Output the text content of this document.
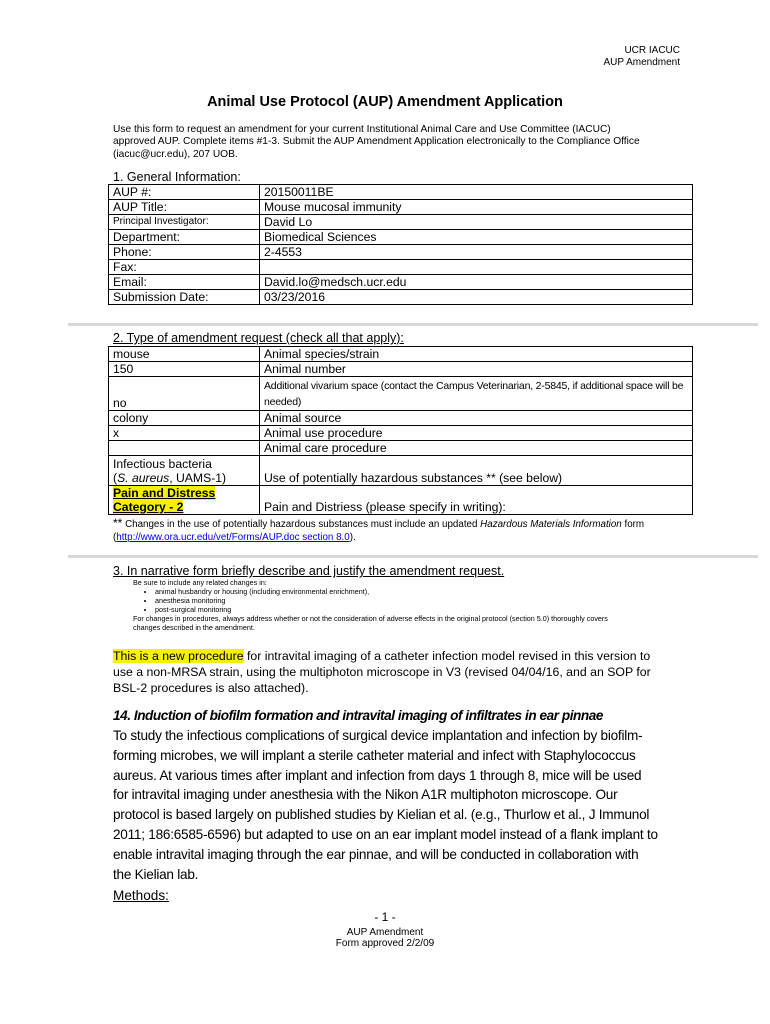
UCR IACUC
AUP Amendment
Animal Use Protocol (AUP) Amendment Application
Use this form to request an amendment for your current Institutional Animal Care and Use Committee (IACUC) approved AUP. Complete items #1-3. Submit the AUP Amendment Application electronically to the Compliance Office (iacuc@ucr.edu), 207 UOB.
1. General Information:
AUP #:	20150011BE
AUP Title:	Mouse mucosal immunity
Principal Investigator:	David Lo
Department:	Biomedical Sciences
Phone:	2-4553
Fax:	
Email:	David.lo@medsch.ucr.edu
Submission Date:	03/23/2016
2. Type of amendment request (check all that apply):
mouse	Animal species/strain
150	Animal number
no	Additional vivarium space (contact the Campus Veterinarian, 2-5845, if additional space will be needed)
colony	Animal source
x	Animal use procedure
	Animal care procedure

Infectious bacteria
(S. aureus, UAMS-1)	Use of potentially hazardous substances ** (see below)

Pain and Distress
Category - 2	Pain and Distriess (please specify in writing):
** Changes in the use of potentially hazardous substances must include an updated Hazardous Materials Information form (http://www.ora.ucr.edu/vet/Forms/AUP.doc section 8.0).
3. In narrative form briefly describe and justify the amendment request.
Be sure to include any related changes in:
• animal husbandry or housing (including environmental enrichment),
• anesthesia monitoring
• post-surgical monitoring
For changes in procedures, always address whether or not the consideration of adverse effects in the original protocol (section 5.0) thoroughly covers changes described in the amendment.
This is a new procedure for intravital imaging of a catheter infection model revised in this version to use a non-MRSA strain, using the multiphoton microscope in V3 (revised 04/04/16, and an SOP for BSL-2 procedures is also attached).
14. Induction of biofilm formation and intravital imaging of infiltrates in ear pinnae
To study the infectious complications of surgical device implantation and infection by biofilm-forming microbes, we will implant a sterile catheter material and infect with Staphylococcus aureus. At various times after implant and infection from days 1 through 8, mice will be used for intravital imaging under anesthesia with the Nikon A1R multiphoton microscope. Our protocol is based largely on published studies by Kielian et al. (e.g., Thurlow et al., J Immunol 2011; 186:6585-6596) but adapted to use on an ear implant model instead of a flank implant to enable intravital imaging through the ear pinnae, and will be conducted in collaboration with the Kielian lab.
Methods:
- 1 -
AUP Amendment
Form approved 2/2/09
